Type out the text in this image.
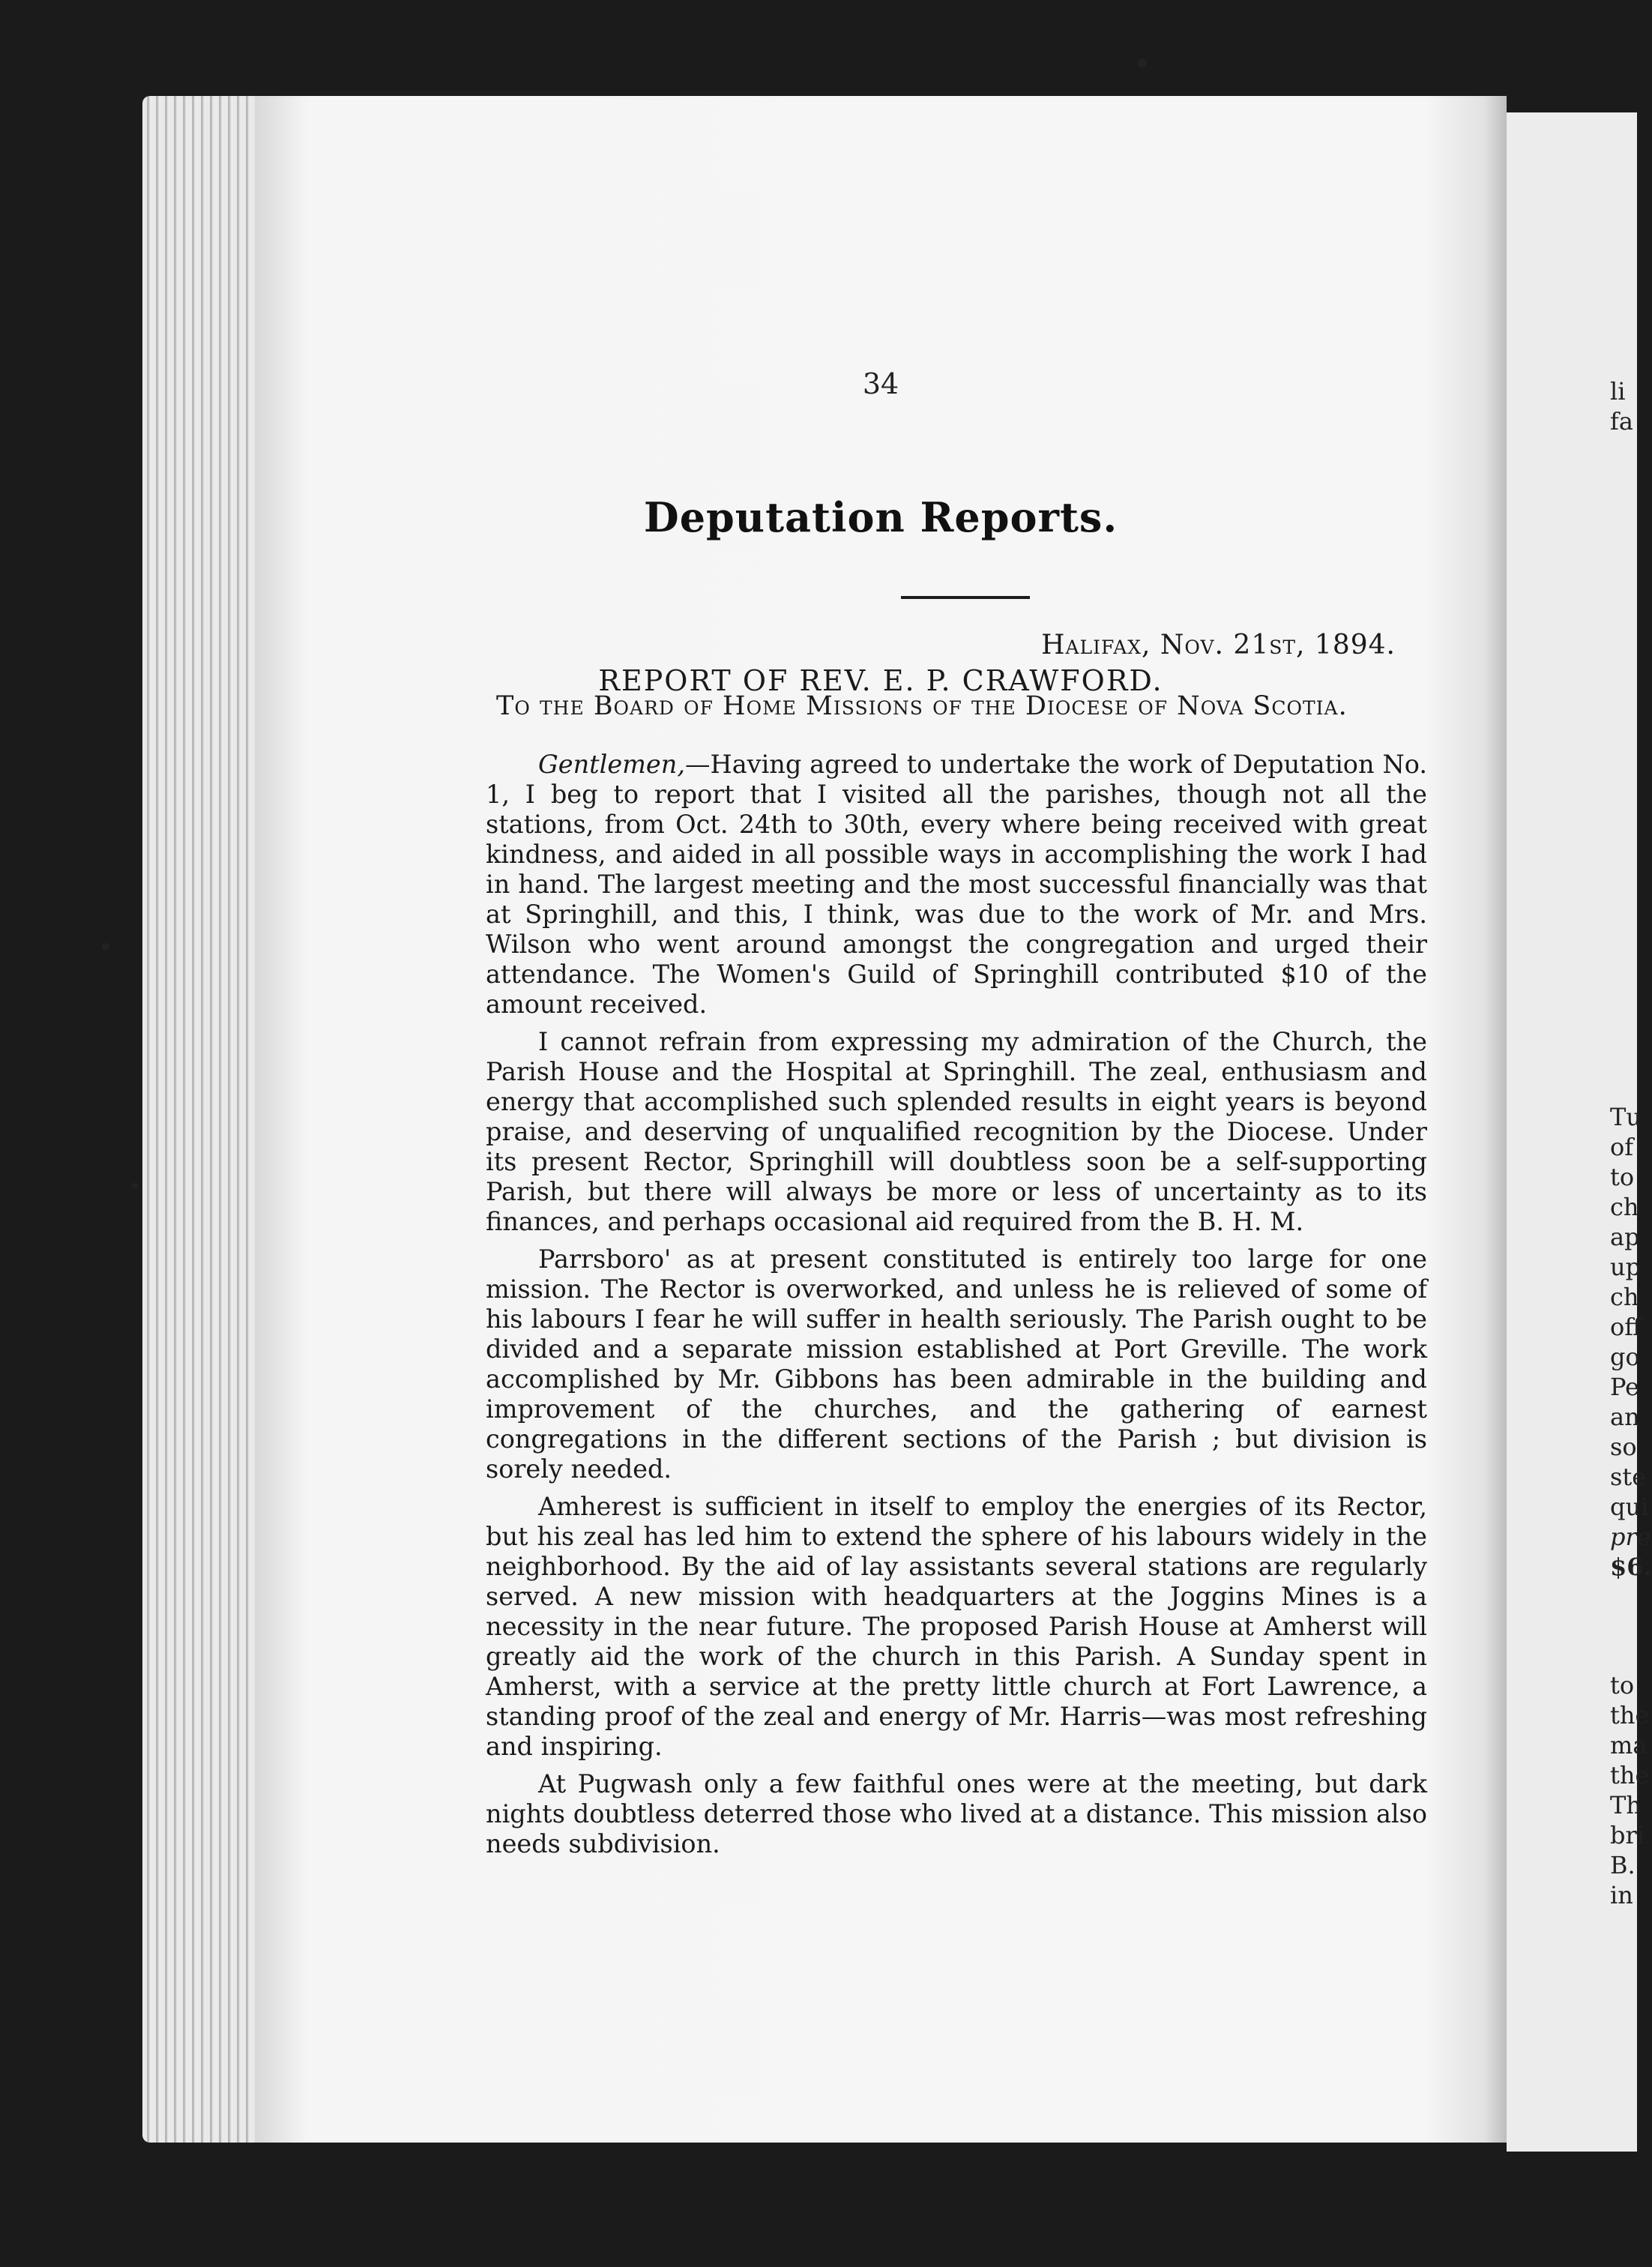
34
Deputation Reports.
REPORT OF REV. E. P. CRAWFORD.
Halifax, Nov. 21st, 1894.
To the Board of Home Missions of the Diocese of Nova Scotia.

Gentlemen,—Having agreed to undertake the work of Deputation No. 1, I beg to report that I visited all the parishes, though not all the stations, from Oct. 24th to 30th, every where being received with great kindness, and aided in all possible ways in accomplishing the work I had in hand. The largest meeting and the most successful financially was that at Springhill, and this, I think, was due to the work of Mr. and Mrs. Wilson who went around amongst the congregation and urged their attendance. The Women's Guild of Springhill contributed $10 of the amount received.

I cannot refrain from expressing my admiration of the Church, the Parish House and the Hospital at Springhill. The zeal, enthusiasm and energy that accomplished such splended results in eight years is beyond praise, and deserving of unqualified recognition by the Diocese. Under its present Rector, Springhill will doubtless soon be a self-supporting Parish, but there will always be more or less of uncertainty as to its finances, and perhaps occasional aid required from the B. H. M.

Parrsboro' as at present constituted is entirely too large for one mission. The Rector is overworked, and unless he is relieved of some of his labours I fear he will suffer in health seriously. The Parish ought to be divided and a separate mission established at Port Greville. The work accomplished by Mr. Gibbons has been admirable in the building and improvement of the churches, and the gathering of earnest congregations in the different sections of the Parish ; but division is sorely needed.

Amherest is sufficient in itself to employ the energies of its Rector, but his zeal has led him to extend the sphere of his labours widely in the neighborhood. By the aid of lay assistants several stations are regularly served. A new mission with headquarters at the Joggins Mines is a necessity in the near future. The proposed Parish House at Amherst will greatly aid the work of the church in this Parish. A Sunday spent in Amherst, with a service at the pretty little church at Fort Lawrence, a standing proof of the zeal and energy of Mr. Harris—was most refreshing and inspiring.

At Pugwash only a few faithful ones were at the meeting, but dark nights doubtless deterred those who lived at a distance. This mission also needs subdivision.

li
fa
Tu
of
to
ch
ap
up
ch
off
go
Pe
an
so
ste
qui
pre
$6.
to
the
ma
the
Th
bri
B.
in
